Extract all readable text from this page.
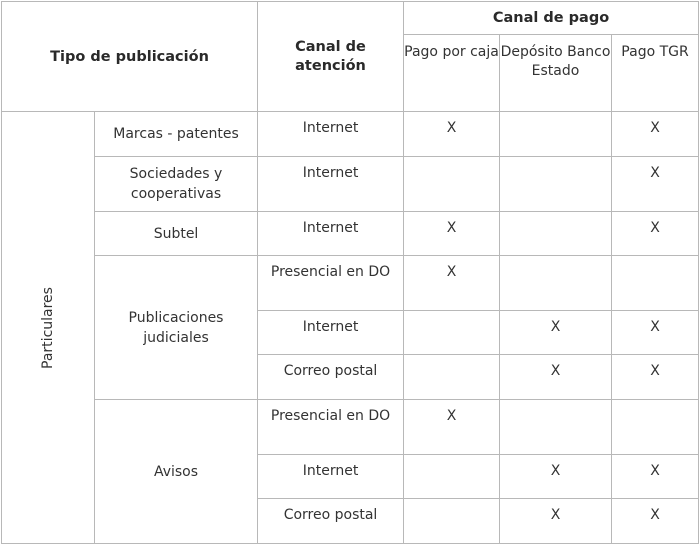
Tipo de publicación		Canal de atención	Canal de pago		
			Pago por caja	Depósito Banco Estado	Pago TGR
Particulares	Marcas - patentes	Internet	X		X
	Sociedades y cooperativas	Internet			X
	Subtel	Internet	X		X
	Publicaciones judiciales	Presencial en DO	X		
		Internet		X	X
		Correo postal		X	X
	Avisos	Presencial en DO	X		
		Internet		X	X
		Correo postal		X	X
